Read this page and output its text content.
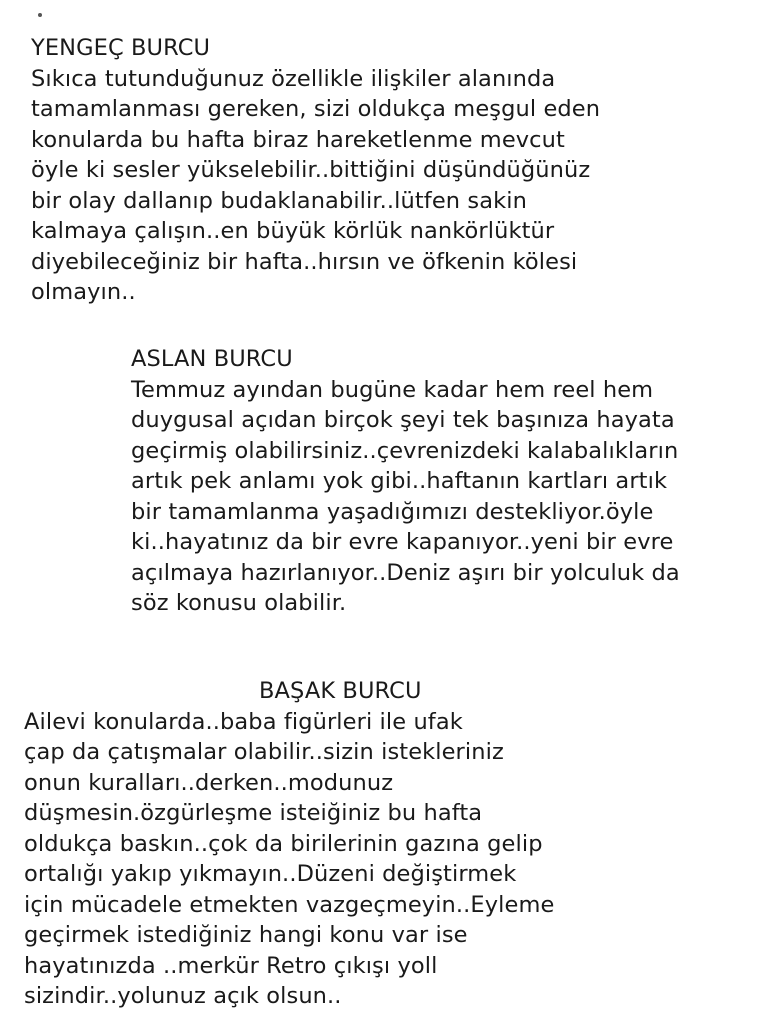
YENGEÇ BURCU
Sıkıca tutunduğunuz özellikle ilişkiler alanında
tamamlanması gereken, sizi oldukça meşgul eden
konularda bu hafta biraz hareketlenme mevcut
öyle ki sesler yükselebilir..bittiğini düşündüğünüz
bir olay dallanıp budaklanabilir..lütfen sakin
kalmaya çalışın..en büyük körlük nankörlüktür
diyebileceğiniz bir hafta..hırsın ve öfkenin kölesi
olmayın..
ASLAN BURCU
Temmuz ayından bugüne kadar hem reel hem
duygusal açıdan birçok şeyi tek başınıza hayata
geçirmiş olabilirsiniz..çevrenizdeki kalabalıkların
artık pek anlamı yok gibi..haftanın kartları artık
bir tamamlanma yaşadığımızı destekliyor.öyle
ki..hayatınız da bir evre kapanıyor..yeni bir evre
açılmaya hazırlanıyor..Deniz aşırı bir yolculuk da
söz konusu olabilir.
BAŞAK BURCU
Ailevi konularda..baba figürleri ile ufak
çap da çatışmalar olabilir..sizin istekleriniz
onun kuralları..derken..modunuz
düşmesin.özgürleşme isteiğiniz bu hafta
oldukça baskın..çok da birilerinin gazına gelip
ortalığı yakıp yıkmayın..Düzeni değiştirmek
için mücadele etmekten vazgeçmeyin..Eyleme
geçirmek istediğiniz hangi konu var ise
hayatınızda ..merkür Retro çıkışı yoll
sizindir..yolunuz açık olsun..
